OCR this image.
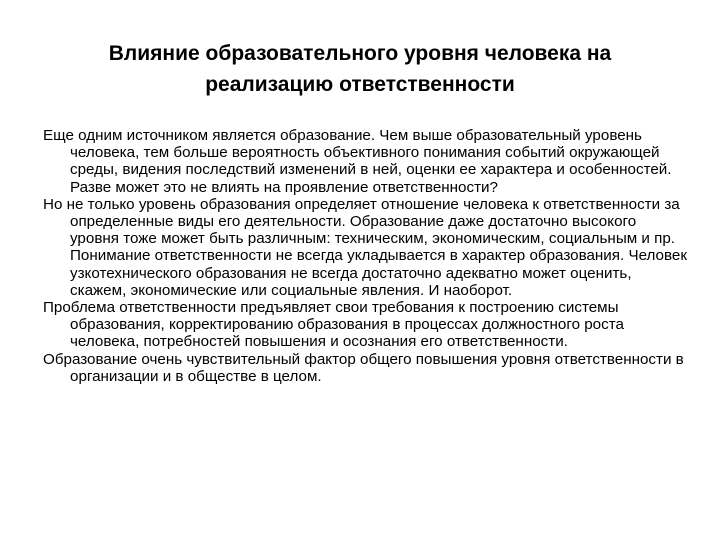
Влияние образовательного уровня человека на
реализацию ответственности

Еще одним источником является образование. Чем выше образовательный уровень человека, тем больше вероятность объективного понимания событий окружающей среды, видения последствий изменений в ней, оценки ее характера и особенностей. Разве может это не влиять на проявление ответственности?

Но не только уровень образования определяет отношение человека к ответственности за определенные виды его деятельности. Образование даже достаточно высокого уровня тоже может быть различным: техническим, экономическим, социальным и пр. Понимание ответственности не всегда укладывается в характер образования. Человек узкотехнического образования не всегда достаточно адекватно может оценить, скажем, экономические или социальные явления. И наоборот.

Проблема ответственности предъявляет свои требования к построению системы образования, корректированию образования в процессах должностного роста человека, потребностей повышения и осознания его ответственности.

Образование очень чувствительный фактор общего повышения уровня ответственности в организации и в обществе в целом.
